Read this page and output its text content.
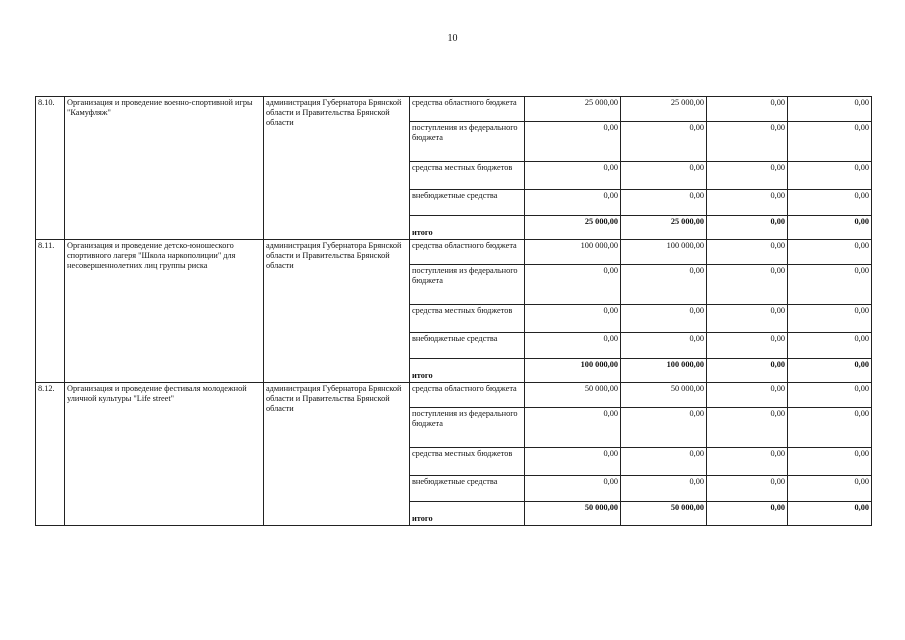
10
8.10.	Организация и проведение военно-спортивной игры "Камуфляж"	администрация Губернатора Брянской области и Правительства Брянской области	средства областного бюджета	25 000,00	25 000,00	0,00	0,00
			поступления из федерального бюджета	0,00	0,00	0,00	0,00
			средства местных бюджетов	0,00	0,00	0,00	0,00
			внебюджетные средства	0,00	0,00	0,00	0,00
			итого	25 000,00	25 000,00	0,00	0,00
8.11.	Организация и проведение детско-юношеского спортивного лагеря "Школа наркополиции" для несовершеннолетних лиц группы риска	администрация Губернатора Брянской области и Правительства Брянской области	средства областного бюджета	100 000,00	100 000,00	0,00	0,00
			поступления из федерального бюджета	0,00	0,00	0,00	0,00
			средства местных бюджетов	0,00	0,00	0,00	0,00
			внебюджетные средства	0,00	0,00	0,00	0,00
			итого	100 000,00	100 000,00	0,00	0,00
8.12.	Организация и проведение фестиваля молодежной уличной культуры "Life street"	администрация Губернатора Брянской области и Правительства Брянской области	средства областного бюджета	50 000,00	50 000,00	0,00	0,00
			поступления из федерального бюджета	0,00	0,00	0,00	0,00
			средства местных бюджетов	0,00	0,00	0,00	0,00
			внебюджетные средства	0,00	0,00	0,00	0,00
			итого	50 000,00	50 000,00	0,00	0,00
